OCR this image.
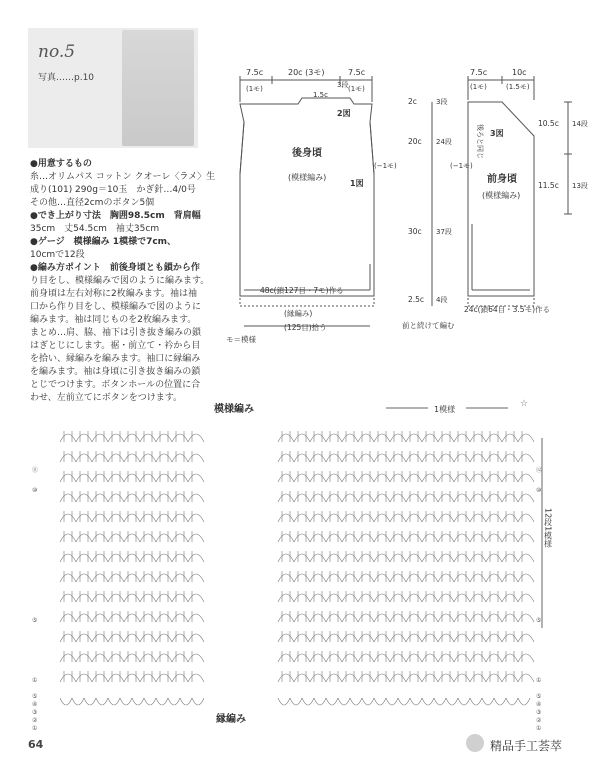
no.5
写真……p.10
●用意するもの
糸…オリムパス コットン クオーレ〈ラメ〉生
成り(101) 290g＝10玉　かぎ針…4/0号
その他…直径2cmのボタン5個
●でき上がり寸法　胸囲98.5cm　背肩幅
35cm　丈54.5cm　袖丈35cm
●ゲージ　模様編み 1模様で7cm、
10cmで12段
●編み方ポイント　前後身頃とも鎖から作
り目をし、模様編みで図のように編みます。
前身頃は左右対称に2枚編みます。袖は袖
口から作り目をし、模様編みで図のように
編みます。袖は同じものを2枚編みます。
まとめ…肩、脇、袖下は引き抜き編みの鎖
はぎとじにします。裾・前立て・衿から目
を拾い、縁編みを編みます。袖口に縁編み
を編みます。袖は身頃に引き抜き編みの鎖
とじでつけます。ボタンホールの位置に合
わせ、左前立てにボタンをつけます。
7.5c
(1モ)
20c (3モ)	7.5c
(1モ)
1.5c
3段
2図
後身頃
(模様編み)
1図
(−1モ)
48c(鎖127目・7モ)作る
(縁編み)
(125目)拾う
モ＝模様
7.5c
(1モ)
10c
(1.5モ)
3図
前身頃
(模様編み)
(−1モ)
後ろと同じ
24c(鎖64目・3.5モ)作る
前と続けて編む
2c	3段
20c 24段
30c 37段
2.5c 4段
10.5c 14段
11.5c 13段
模様編み	1模様
☆
⑪
⑩
⑤
①
⑤
④
③
②
①
⑫
⑩
⑤
①
⑤
④
③
②
①
12段1模様
縁編み
64	精品手工荟萃
